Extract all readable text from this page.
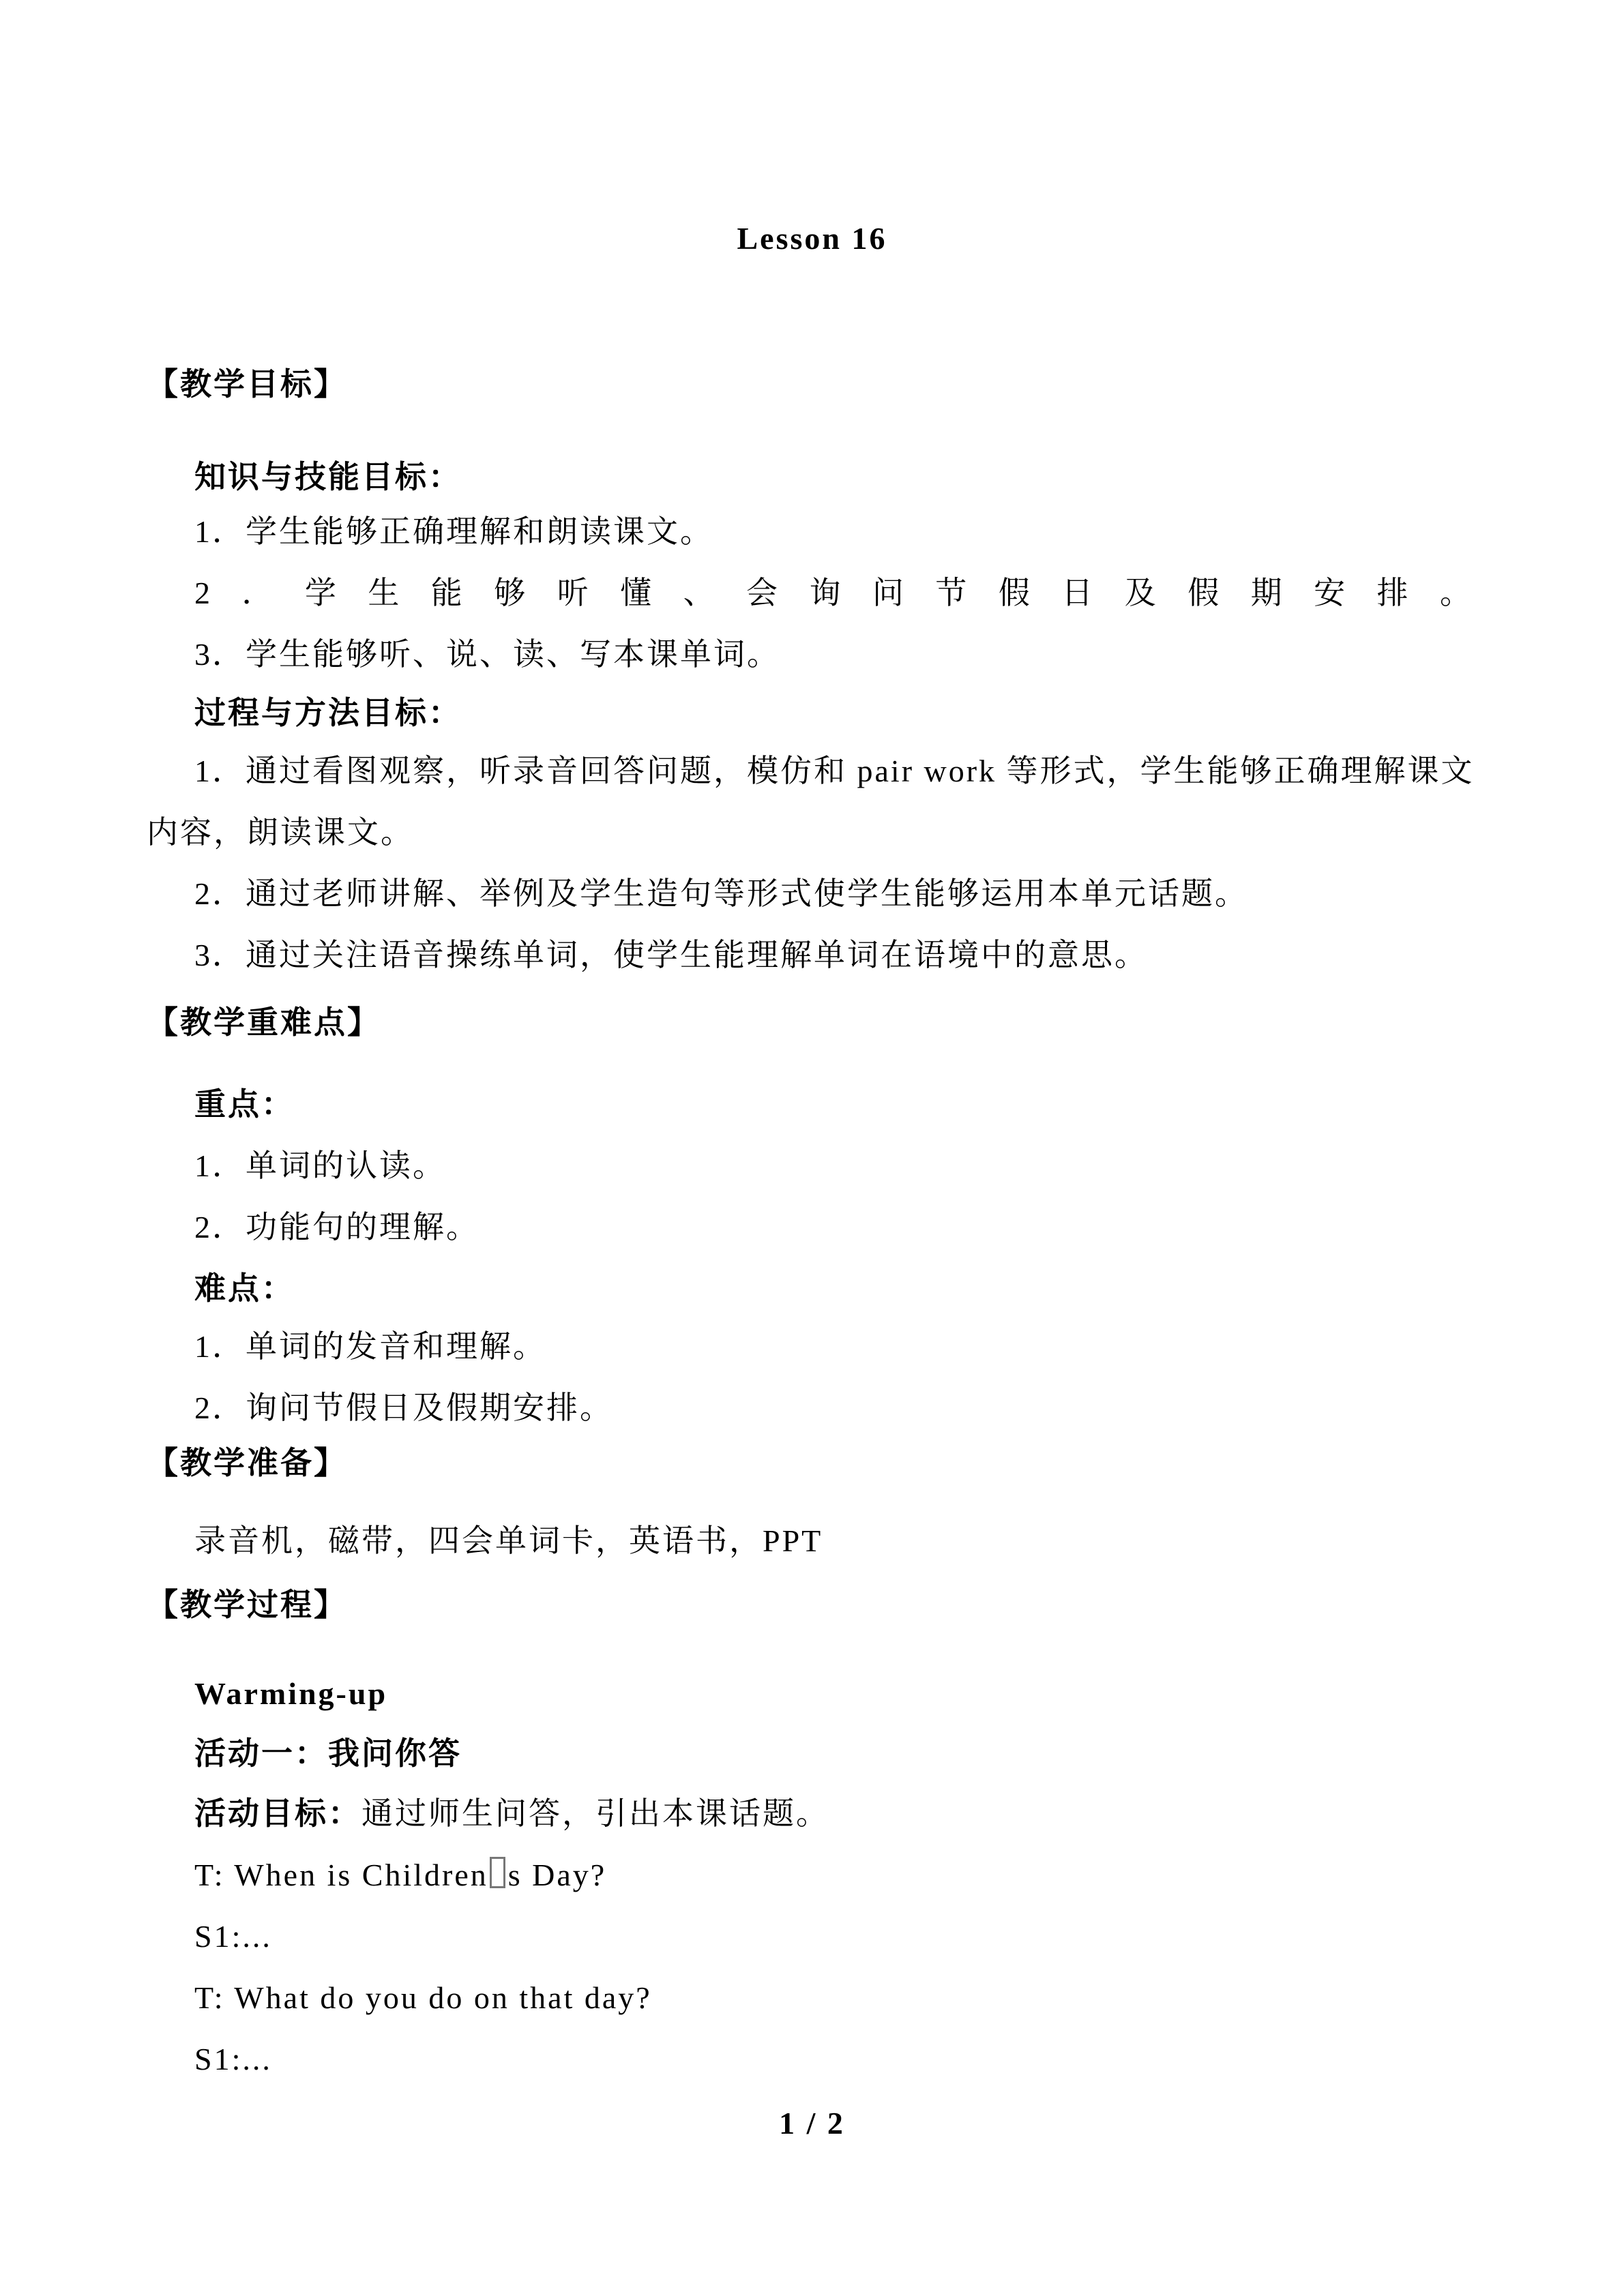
Lesson 16

【教学目标】

知识与技能目标：

1．学生能够正确理解和朗读课文。

2．学生能够听懂、会询问节假日及假期安排。

3．学生能够听、说、读、写本课单词。

过程与方法目标：

1．通过看图观察，听录音回答问题，模仿和 pair work 等形式，学生能够正确理解课文

内容，朗读课文。

2．通过老师讲解、举例及学生造句等形式使学生能够运用本单元话题。

3．通过关注语音操练单词，使学生能理解单词在语境中的意思。

【教学重难点】

重点：

1．单词的认读。

2．功能句的理解。

难点：

1．单词的发音和理解。

2．询问节假日及假期安排。

【教学准备】

录音机，磁带，四会单词卡，英语书，PPT

【教学过程】

Warming-up

活动一：我问你答

活动目标：通过师生问答，引出本课话题。

T: When is Children s Day?

S1:...

T: What do you do on that day?

S1:...

1 / 2
